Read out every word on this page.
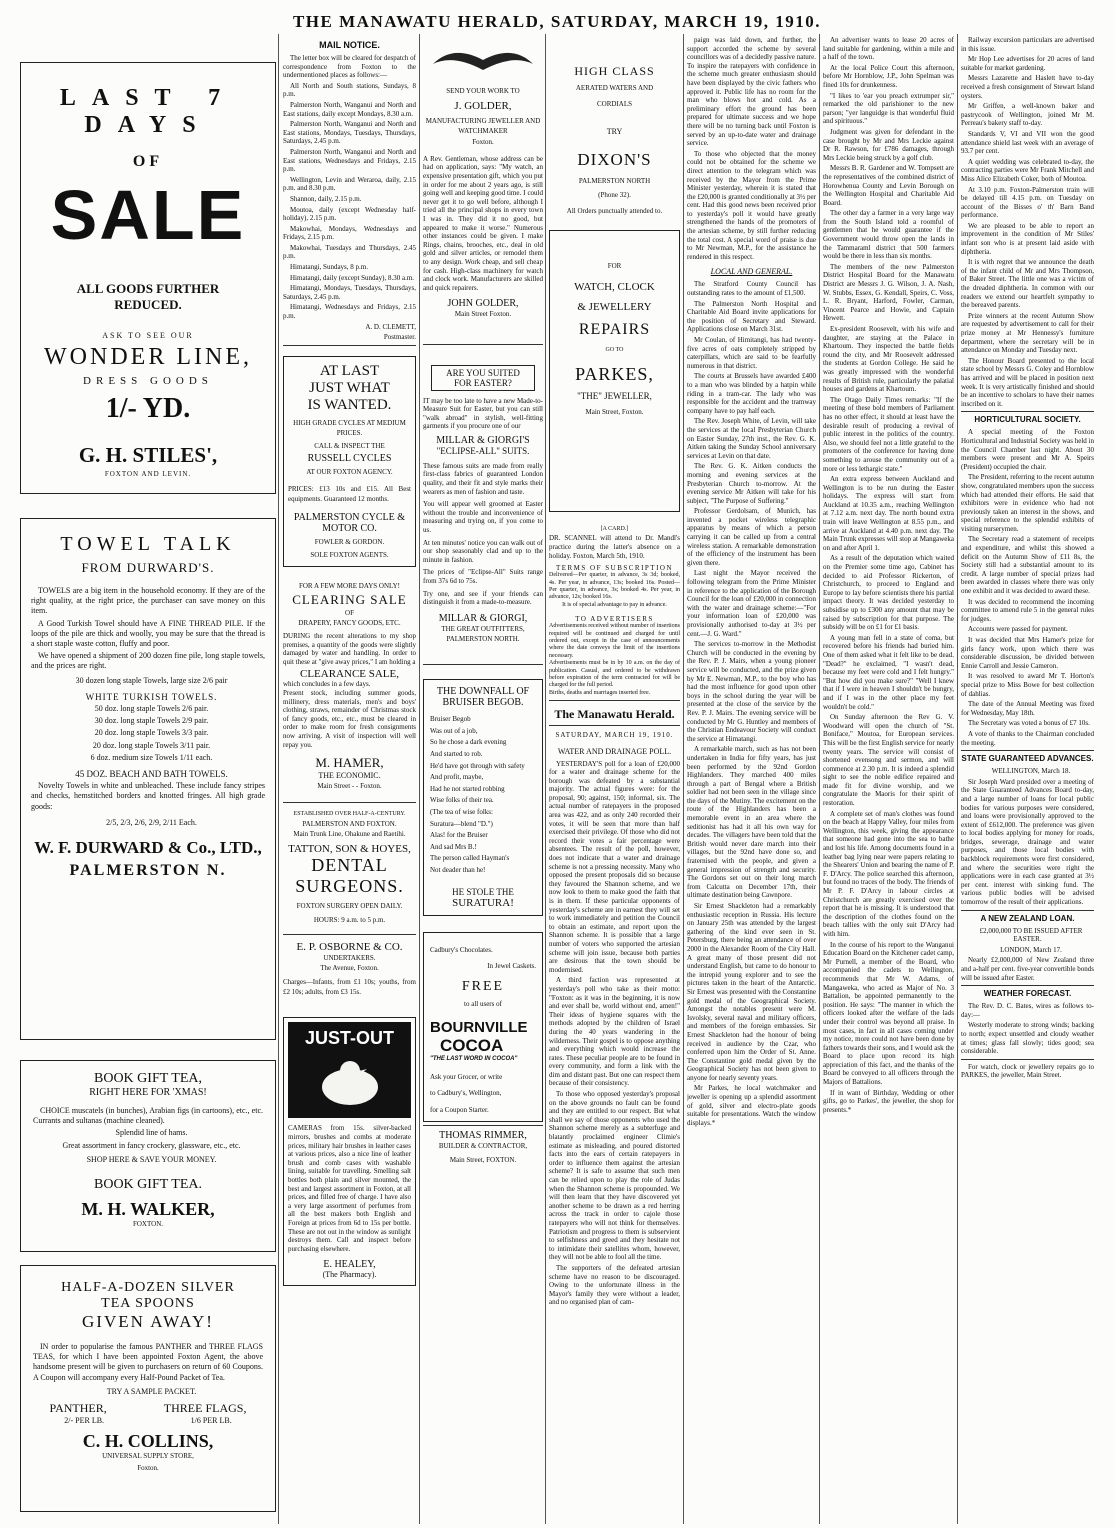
THE MANAWATU HERALD, SATURDAY, MARCH 19, 1910.
LAST 7 DAYS
OF
SALE
ALL GOODS FURTHER
REDUCED.
ASK TO SEE OUR
WONDER LINE,
DRESS GOODS
1/- YD.
G. H. STILES',
FOXTON AND LEVIN.
TOWEL TALK
FROM DURWARD'S.

TOWELS are a big item in the household economy. If they are of the right quality, at the right price, the purchaser can save money on this item.

A Good Turkish Towel should have A FINE THREAD PILE. If the loops of the pile are thick and woolly, you may be sure that the thread is a short staple waste cotton, fluffy and poor.

We have opened a shipment of 200 dozen fine pile, long staple towels, and the prices are right.

30 dozen long staple Towels, large size 2/6 pair

WHITE TURKISH TOWELS.

50 doz. long staple Towels 2/6 pair.

30 doz. long staple Towels 2/9 pair.

20 doz. long staple Towels 3/3 pair.

20 doz. long staple Towels 3/11 pair.

6 doz. medium size Towels 1/11 each.

45 DOZ. BEACH AND BATH TOWELS.

Novelty Towels in white and unbleached. These include fancy stripes and checks, hemstitched borders and knotted fringes. All high grade goods:

2/5, 2/3, 2/6, 2/9, 2/11 Each.

W. F. DURWARD & Co., LTD.,
PALMERSTON N.
BOOK GIFT TEA,
RIGHT HERE FOR 'XMAS!

CHOICE muscatels (in bunches), Arabian figs (in cartoons), etc., etc. Currants and sultanas (machine cleaned).

Splendid line of hams.

Great assortment in fancy crockery, glassware, etc., etc.

SHOP HERE & SAVE YOUR MONEY.

BOOK GIFT TEA.
M. H. WALKER,
FOXTON.
HALF-A-DOZEN SILVER
TEA SPOONS
GIVEN AWAY!

IN order to popularise the famous PANTHER and THREE FLAGS TEAS, for which I have been appointed Foxton Agent, the above handsome present will be given to purchasers on return of 60 Coupons. A Coupon will accompany every Half-Pound Packet of Tea.

TRY A SAMPLE PACKET.

PANTHER,	THREE FLAGS,
2/- PER LB.	1/6 PER LB.
C. H. COLLINS,
UNIVERSAL SUPPLY STORE,
Foxton.
MAIL NOTICE.

The letter box will be cleared for despatch of correspondence from Foxton to the undermentioned places as follows:—

All North and South stations, Sundays, 8 p.m.

Palmerston North, Wanganui and North and East stations, daily except Mondays, 8.30 a.m.

Palmerston North, Wanganui and North and East stations, Mondays, Tuesdays, Thursdays, Saturdays, 2.45 p.m.

Palmerston North, Wanganui and North and East stations, Wednesdays and Fridays, 2.15 p.m.

Wellington, Levin and Weraroa, daily, 2.15 p.m. and 8.30 p.m.

Shannon, daily, 2.15 p.m.

Moutoa, daily (except Wednesday half-holiday), 2.15 p.m.

Makowhai, Mondays, Wednesdays and Fridays, 2.15 p.m.

Makowhai, Tuesdays and Thursdays, 2.45 p.m.

Himatangi, Sundays, 8 p.m.

Himatangi, daily (except Sunday), 8.30 a.m.

Himatangi, Mondays, Tuesdays, Thursdays, Saturdays, 2.45 p.m.

Himatangi, Wednesdays and Fridays, 2.15 p.m.

A. D. CLEMETT,

Postmaster.

AT LAST
JUST WHAT
IS WANTED.
HIGH GRADE CYCLES AT MEDIUM PRICES.
CALL & INSPECT THE
RUSSELL CYCLES
AT OUR FOXTON AGENCY.
PRICES: £13 10s and £15. All Best equipments. Guaranteed 12 months.
PALMERSTON CYCLE & MOTOR CO.
FOWLER & GORDON.
SOLE FOXTON AGENTS.
FOR A FEW MORE DAYS ONLY!
CLEARING SALE
OF
DRAPERY, FANCY GOODS, ETC.
DURING the recent alterations to my shop premises, a quantity of the goods were slightly damaged by water and handling. In order to quit these at "give away prices," I am holding a
CLEARANCE SALE,
which concludes in a few days.
Present stock, including summer goods, millinery, dress materials, men's and boys' clothing, straws, remainder of Christmas stock of fancy goods, etc., etc., must be cleared in order to make room for fresh consignments now arriving. A visit of inspection will well repay you.
M. HAMER,
THE ECONOMIC.
Main Street - - Foxton.
ESTABLISHED OVER HALF-A-CENTURY.
PALMERSTON AND FOXTON.
Main Trunk Line, Ohakune and Raetihi.
TATTON, SON & HOYES,
DENTAL
SURGEONS.
FOXTON SURGERY OPEN DAILY.
HOURS: 9 a.m. to 5 p.m.
E. P. OSBORNE & CO.
UNDERTAKERS.
The Avenue, Foxton.
Charges—Infants, from £1 10s; youths, from £2 10s; adults, from £3 15s.
JUST-OUT
CAMERAS from 15s. silver-backed mirrors, brushes and combs at moderate prices, military hair brushes in leather cases at various prices, also a nice line of leather brush and comb cases with washable lining, suitable for travelling. Smelling salt bottles both plain and silver mounted, the best and largest assortment in Foxton, at all prices, and filled free of charge. I have also a very large assortment of perfumes from all the best makers both English and Foreign at prices from 6d to 15s per bottle. These are not out in the window as sunlight destroys them. Call and inspect before purchasing elsewhere.
E. HEALEY,
(The Pharmacy).
SEND YOUR WORK TO
J. GOLDER,
MANUFACTURING JEWELLER AND WATCHMAKER
Foxton.
A Rev. Gentleman, whose address can be had on application, says: "My watch, an expensive presentation gift, which you put in order for me about 2 years ago, is still going well and keeping good time. I could never get it to go well before, although I tried all the principal shops in every town I was in. They did it no good, but appeared to make it worse." Numerous other instances could be given. I make Rings, chains, brooches, etc., deal in old gold and silver articles, or remodel them to any design. Work cheap, and sell cheap for cash. High-class machinery for watch and clock work. Manufacturers are skilled and quick repairers.
JOHN GOLDER,
Main Street Foxton.
ARE YOU SUITED
FOR EASTER?
IT may be too late to have a new Made-to-Measure Suit for Easter, but you can still "walk abroad" in stylish, well-fitting garments if you procure one of our
MILLAR & GIORGI'S
"ECLIPSE-ALL" SUITS.
These famous suits are made from really first-class fabrics of guaranteed London quality, and their fit and style marks their wearers as men of fashion and taste.
You will appear well groomed at Easter without the trouble and inconvenience of measuring and trying on, if you come to us.
At ten minutes' notice you can walk out of our shop seasonably clad and up to the minute in fashion.
The prices of "Eclipse-All" Suits range from 37s 6d to 75s.
Try one, and see if your friends can distinguish it from a made-to-measure.
MILLAR & GIORGI,
THE GREAT OUTFITTERS,
PALMERSTON NORTH.
THE DOWNFALL OF
BRUISER BEGOB.
Bruiser Begob
Was out of a job,
So he chose a dark evening
And started to rob.
He'd have got through with safety
And profit, maybe,
Had he not started robbing
Wise folks of their tea.
(The tea of wise folks:
Suratura—blend "D.")
Alas! for the Bruiser
And sad Mrs B.!
The person called Hayman's
Not deader than he!
HE STOLE THE
SURATURA!
Cadbury's Chocolates.
In Jewel Caskets.
FREE
to all users of
BOURNVILLE
COCOA
"THE LAST WORD IN COCOA"
Ask your Grocer, or write
to Cadbury's, Wellington,
for a Coupon Starter.
THOMAS RIMMER,
BUILDER & CONTRACTOR,
Main Street, FOXTON.
HIGH CLASS
AERATED WATERS AND
CORDIALS
TRY
DIXON'S
PALMERSTON NORTH
(Phone 32).
All Orders punctually attended to.
FOR
WATCH, CLOCK
& JEWELLERY
REPAIRS
GO TO
PARKES,
"THE" JEWELLER,
Main Street, Foxton.
[A CARD.]
DR. SCANNEL will attend to Dr. Mandl's practice during the latter's absence on a holiday. Foxton, March 5th, 1910.
TERMS OF SUBSCRIPTION
Delivered—Per quarter, in advance, 3s 3d; booked, 4s. Per year, in advance, 13s; booked 16s. Posted—Per quarter, in advance, 3s; booked 4s. Per year, in advance, 12s; booked 16s.
It is of special advantage to pay in advance.
TO ADVERTISERS
Advertisements received without number of insertions required will be continued and charged for until ordered out, except in the case of announcements where the date conveys the limit of the insertions necessary.
Advertisements must be in by 10 a.m. on the day of publication. Casual, and ordered to be withdrawn before expiration of the term contracted for will be charged for the full period.
Births, deaths and marriages inserted free.
The Manawatu Herald.
SATURDAY, MARCH 19, 1910.
WATER AND DRAINAGE POLL.

YESTERDAY'S poll for a loan of £20,000 for a water and drainage scheme for the borough was defeated by a substantial majority. The actual figures were: for the proposal, 90; against, 150; informal, six. The actual number of ratepayers in the proposed area was 422, and as only 240 recorded their votes, it will be seen that more than half exercised their privilege. Of those who did not record their votes a fair percentage were absentees. The result of the poll, however, does not indicate that a water and drainage scheme is not a pressing necessity. Many who opposed the present proposals did so because they favoured the Shannon scheme, and we now look to them to make good the faith that is in them. If these particular opponents of yesterday's scheme are in earnest they will set to work immediately and petition the Council to obtain an estimate, and report upon the Shannon scheme. It is possible that a large number of voters who supported the artesian scheme will join issue, because both parties are desirous that the town should be modernised.

A third faction was represented at yesterday's poll who take as their motto: "Foxton: as it was in the beginning, it is now and ever shall be, world without end, amen!" Their ideas of hygiene squares with the methods adopted by the children of Israel during the 40 years wandering in the wilderness. Their gospel is to oppose anything and everything which would increase the rates. These peculiar people are to be found in every community, and form a link with the dim and distant past. But one can respect them because of their consistency.

To those who opposed yesterday's proposal on the above grounds no fault can be found and they are entitled to our respect. But what shall we say of those opponents who used the Shannon scheme merely as a subterfuge and blatantly proclaimed engineer Climie's estimate as misleading, and poured distorted facts into the ears of certain ratepayers in order to influence them against the artesian scheme? It is safe to assume that such men can be relied upon to play the role of Judas when the Shannon scheme is propounded. We will then learn that they have discovered yet another scheme to be drawn as a red herring across the track in order to cajole those ratepayers who will not think for themselves. Patriotism and progress to them is subservient to selfishness and greed and they hesitate not to intimidate their satellites whom, however, they will not be able to fool all the time.

The supporters of the defeated artesian scheme have no reason to be discouraged. Owing to the unfortunate illness in the Mayor's family they were without a leader, and no organised plan of cam-

paign was laid down, and further, the support accorded the scheme by several councillors was of a decidedly passive nature. To inspire the ratepayers with confidence in the scheme much greater enthusiasm should have been displayed by the civic fathers who approved it. Public life has no room for the man who blows hot and cold. As a preliminary effort the ground has been prepared for ultimate success and we hope there will be no turning back until Foxton is served by an up-to-date water and drainage service.

To those who objected that the money could not be obtained for the scheme we direct attention to the telegram which was received by the Mayor from the Prime Minister yesterday, wherein it is stated that the £20,000 is granted conditionally at 3½ per cent. Had this good news been received prior to yesterday's poll it would have greatly strengthened the hands of the promoters of the artesian scheme, by still further reducing the total cost. A special word of praise is due to Mr Newman, M.P., for the assistance he rendered in this respect.

LOCAL AND GENERAL.

The Stratford County Council has outstanding rates to the amount of £1,500.

The Palmerston North Hospital and Charitable Aid Board invite applications for the position of Secretary and Steward. Applications close on March 31st.

Mr Coulan, of Himitangi, has had twenty-five acres of oats completely stripped by caterpillars, which are said to be fearfully numerous in that district.

The courts at Brussels have awarded £400 to a man who was blinded by a hatpin while riding in a tram-car. The lady who was responsible for the accident and the tramway company have to pay half each.

The Rev. Joseph White, of Levin, will take the services at the local Presbyterian Church on Easter Sunday, 27th inst., the Rev. G. K. Aitken taking the Sunday School anniversary services at Levin on that date.

The Rev. G. K. Aitken conducts the morning and evening services at the Presbyterian Church to-morrow. At the evening service Mr Aitken will take for his subject, "The Purpose of Suffering."

Professor Gerdolsam, of Munich, has invented a pocket wireless telegraphic apparatus by means of which a person carrying it can be called up from a central wireless station. A remarkable demonstration of the efficiency of the instrument has been given there.

Last night the Mayor received the following telegram from the Prime Minister in reference to the application of the Borough Council for the loan of £20,000 in connection with the water and drainage scheme:—"For your information loan of £20,000 was provisionally authorised to-day at 3½ per cent.—J. G. Ward."

The services to-morrow in the Methodist Church will be conducted in the evening by the Rev. P. J. Mairs, when a young pioneer service will be conducted, and the prize given by Mr E. Newman, M.P., to the boy who has had the most influence for good upon other boys in the school during the year will be presented at the close of the service by the Rev. P. J. Mairs. The evening service will be conducted by Mr G. Huntley and members of the Christian Endeavour Society will conduct the service at Himatangi.

A remarkable march, such as has not been undertaken in India for fifty years, has just been performed by the 92nd Gordon Highlanders. They marched 400 miles through a part of Bengal where a British soldier had not been seen in the village since the days of the Mutiny. The excitement on the route of the Highlanders has been a memorable event in an area where the seditionist has had it all his own way for decades. The villagers have been told that the British would never dare march into their villages, but the 92nd have done so, and fraternised with the people, and given a general impression of strength and security. The Gordons set out on their long march from Calcutta on December 17th, their ultimate destination being Cawnpore.

Sir Ernest Shackleton had a remarkably enthusiastic reception in Russia. His lecture on January 25th was attended by the largest gathering of the kind ever seen in St. Petersburg, there being an attendance of over 2000 in the Alexander Room of the City Hall. A great many of those present did not understand English, but came to do honour to the intrepid young explorer and to see the pictures taken in the heart of the Antarctic. Sir Ernest was presented with the Constantine gold medal of the Geographical Society. Amongst the notables present were M. Isvolsky, several naval and military officers, and members of the foreign embassies. Sir Ernest Shackleton had the honour of being received in audience by the Czar, who conferred upon him the Order of St. Anne. The Constantine gold medal given by the Geographical Society has not been given to anyone for nearly seventy years.

Mr Parkes, he local watchmaker and jeweller is opening up a splendid assortment of gold, silver and electro-plate goods suitable for presentations. Watch the window displays.*

An advertiser wants to lease 20 acres of land suitable for gardening, within a mile and a half of the town.

At the local Police Court this afternoon, before Mr Hornblow, J.P., John Spelman was fined 10s for drunkenness.

"I likes to 'ear you preach extrumper sir," remarked the old parishioner to the new parson; "yer languidge is that wonderful fluid and spirituous."

Judgment was given for defendant in the case brought by Mr and Mrs Leckie against Dr R. Rawson, for £786 damages, through Mrs Leckie being struck by a golf club.

Messrs B. R. Gardener and W. Tompsett are the representatives of the combined district of Horowhenua County and Levin Borough on the Wellington Hospital and Charitable Aid Board.

The other day a farmer in a very large way from the South Island told a roomful of gentlemen that he would guarantee if the Government would throw open the lands in the Tammaraml district that 500 farmers would be there in less than six months.

The members of the new Palmerston District Hospital Board for the Manawatu District are Messrs J. G. Wilson, J. A. Nash, W. Stubbs, Essex, G. Kendall, Speirs, C. Voss, L. R. Bryant, Harford, Fowler, Carman, Vincent Pearce and Howie, and Captain Hewett.

Ex-president Roosevelt, with his wife and daughter, are staying at the Palace in Khartoum. They inspected the battle fields round the city, and Mr Roosevelt addressed the students at Gordon College. He said he was greatly impressed with the wonderful results of British rule, particularly the palatial houses and gardens at Khartoum.

The Otago Daily Times remarks: "If the meeting of these bold members of Parliament has no other effect, it should at least have the desirable result of producing a revival of public interest in the politics of the country. Also, we should feel not a little grateful to the promoters of the conference for having done something to arouse the community out of a more or less lethargic state."

An extra express between Auckland and Wellington is to be run during the Easter holidays. The express will start from Auckland at 10.35 a.m., reaching Wellington at 7.12 a.m. next day. The north bound extra train will leave Wellington at 8.55 p.m., and arrive at Auckland at 4.40 p.m. next day. The Main Trunk expresses will stop at Mangaweka on and after April 1.

As a result of the deputation which waited on the Premier some time ago, Cabinet has decided to aid Professor Rickerton, of Christchurch, to proceed to England and Europe to lay before scientists there his partial impact theory. It was decided yesterday to subsidise up to £300 any amount that may be raised by subscription for that purpose. The subsidy will be on £1 for £1 basis.

A young man fell in a state of coma, but recovered before his friends had buried him. One of them asked what it felt like to be dead. "Dead?" he exclaimed, "I wasn't dead, because my feet were cold and I felt hungry." "But how did you make sure?" "Well I knew that if I were in heaven I shouldn't be hungry, and if I was in the other place my feet wouldn't be cold."

On Sunday afternoon the Rev G. V. Woodward will open the church of "St. Boniface," Moutoa, for European services. This will be the first English service for nearly twenty years. The service will consist of shortened evensong and sermon, and will commence at 2.30 p.m. It is indeed a splendid sight to see the noble edifice repaired and made fit for divine worship, and we congratulate the Maoris for their spirit of restoration.

A complete set of man's clothes was found on the beach at Happy Valley, four miles from Wellington, this week, giving the appearance that someone had gone into the sea to bathe and lost his life. Among documents found in a leather bag lying near were papers relating to the Shearers' Union and bearing the name of P. F. D'Arcy. The police searched this afternoon, but found no traces of the body. The friends of Mr P. F. D'Arcy in labour circles at Christchurch are greatly exercised over the report that he is missing. It is understood that the description of the clothes found on the beach tallies with the only suit D'Arcy had with him.

In the course of his report to the Wanganui Education Board on the Kitchener cadet camp, Mr Purnell, a member of the Board, who accompanied the cadets to Wellington, recommends that Mr W. Adams, of Mangaweka, who acted as Major of No. 3 Battalion, be appointed permanently to the position. He says: "The manner in which the officers looked after the welfare of the lads under their control was beyond all praise. In most cases, in fact in all cases coming under my notice, more could not have been done by fathers towards their sons, and I would ask the Board to place upon record its high appreciation of this fact, and the thanks of the Board be conveyed to all officers through the Majors of Battalions.

If in want of Birthday, Wedding or other gifts, go to Parkes', the jeweller, the shop for presents.*

Railway excursion particulars are advertised in this issue.

Mr Hop Lee advertises for 20 acres of land suitable for market gardening.

Messrs Lazarette and Haslett have to-day received a fresh consignment of Stewart Island oysters.

Mr Griffen, a well-known baker and pastrycook of Wellington, joined Mr M. Perreau's bakery staff to-day.

Standards V, VI and VII won the good attendance shield last week with an average of 93.7 per cent.

A quiet wedding was celebrated to-day, the contracting parties were Mr Frank Mitchell and Miss Alice Elizabeth Coker, both of Moutoa.

At 3.10 p.m. Foxton-Palmerston train will be delayed till 4.15 p.m. on Tuesday on account of the Bisses o' th' Barn Band performance.

We are pleased to be able to report an improvement in the condition of Mr Stiles' infant son who is at present laid aside with diphtheria.

It is with regret that we announce the death of the infant child of Mr and Mrs Thompson, of Baker Street. The little one was a victim of the dreaded diphtheria. In common with our readers we extend our heartfelt sympathy to the bereaved parents.

Prize winners at the recent Autumn Show are requested by advertisement to call for their prize money at Mr Hennessy's furniture department, where the secretary will be in attendance on Monday and Tuesday next.

The Honour Board presented to the local state school by Messrs G. Coley and Hornblow has arrived and will be placed in position next week. It is very artistically finished and should be an incentive to scholars to have their names inscribed on it.

HORTICULTURAL SOCIETY.

A special meeting of the Foxton Horticultural and Industrial Society was held in the Council Chamber last night. About 30 members were present and Mr A. Speirs (President) occupied the chair.

The President, referring to the recent autumn show, congratulated members upon the success which had attended their efforts. He said that exhibitors were in evidence who had not previously taken an interest in the shows, and special reference to the splendid exhibits of visiting nurserymen.

The Secretary read a statement of receipts and expenditure, and whilst this showed a deficit on the Autumn Show of £11 8s, the Society still had a substantial amount to its credit. A large number of special prizes had been awarded in classes where there was only one exhibit and it was decided to award these.

It was decided to recommend the incoming committee to amend rule 5 in the general rules for judges.

Accounts were passed for payment.

It was decided that Mrs Hamer's prize for girls fancy work, upon which there was considerable discussion, be divided between Ennie Carroll and Jessie Cameron.

It was resolved to award Mr T. Horton's special prize to Miss Bowe for best collection of dahlias.

The date of the Annual Meeting was fixed for Wednesday, May 18th.

The Secretary was voted a bonus of £7 10s.

A vote of thanks to the Chairman concluded the meeting.

STATE GUARANTEED ADVANCES.

WELLINGTON, March 18.

Sir Joseph Ward presided over a meeting of the State Guaranteed Advances Board to-day, and a large number of loans for local public bodies for various purposes were considered, and loans were provisionally approved to the extent of £612,000. The preference was given to local bodies applying for money for roads, bridges, sewerage, drainage and water purposes, and those local bodies with backblock requirements were first considered, and where the securities were right the applications were in each case granted at 3½ per cent. interest with sinking fund. The various public bodies will be advised tomorrow of the result of their applications.

A NEW ZEALAND LOAN.

£2,000,000 TO BE ISSUED AFTER EASTER.

LONDON, March 17.

Nearly £2,000,000 of New Zealand three and a-half per cent. five-year convertible bonds will be issued after Easter.

WEATHER FORECAST.

The Rev. D. C. Bates, wires as follows to-day:—

Westerly moderate to strong winds; backing to north; expect unsettled and cloudy weather at times; glass fall slowly; tides good; sea considerable.

For watch, clock or jewellery repairs go to PARKES, the jeweller, Main Street.
